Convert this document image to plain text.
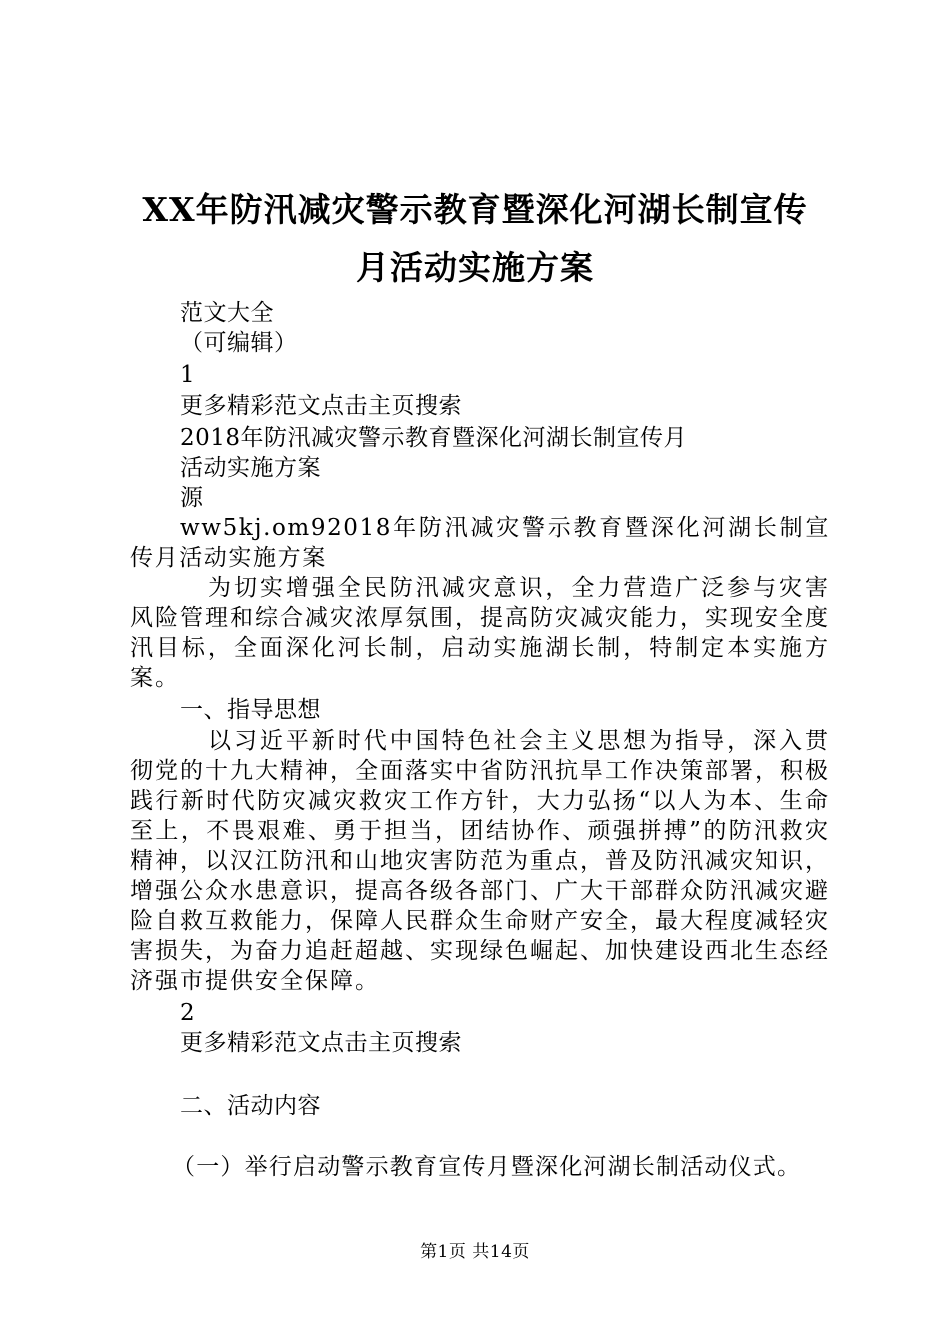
XX年防汛减灾警示教育暨深化河湖长制宣传
月活动实施方案
范文大全
（可编辑）
1
更多精彩范文点击主页搜索
2018年防汛减灾警示教育暨深化河湖长制宣传月
活动实施方案
源

ww5kj.om92018年防汛减灾警示教育暨深化河湖长制宣传月活动实施方案

为切实增强全民防汛减灾意识，全力营造广泛参与灾害风险管理和综合减灾浓厚氛围，提高防灾减灾能力，实现安全度汛目标，全面深化河长制，启动实施湖长制，特制定本实施方案。

一、指导思想

以习近平新时代中国特色社会主义思想为指导，深入贯彻党的十九大精神，全面落实中省防汛抗旱工作决策部署，积极践行新时代防灾减灾救灾工作方针，大力弘扬“以人为本、生命至上，不畏艰难、勇于担当，团结协作、顽强拼搏”的防汛救灾精神，以汉江防汛和山地灾害防范为重点，普及防汛减灾知识，增强公众水患意识，提高各级各部门、广大干部群众防汛减灾避险自救互救能力，保障人民群众生命财产安全，最大程度减轻灾害损失，为奋力追赶超越、实现绿色崛起、加快建设西北生态经济强市提供安全保障。

2
更多精彩范文点击主页搜索
二、活动内容
（一）举行启动警示教育宣传月暨深化河湖长制活动仪式。
第1页 共14页
